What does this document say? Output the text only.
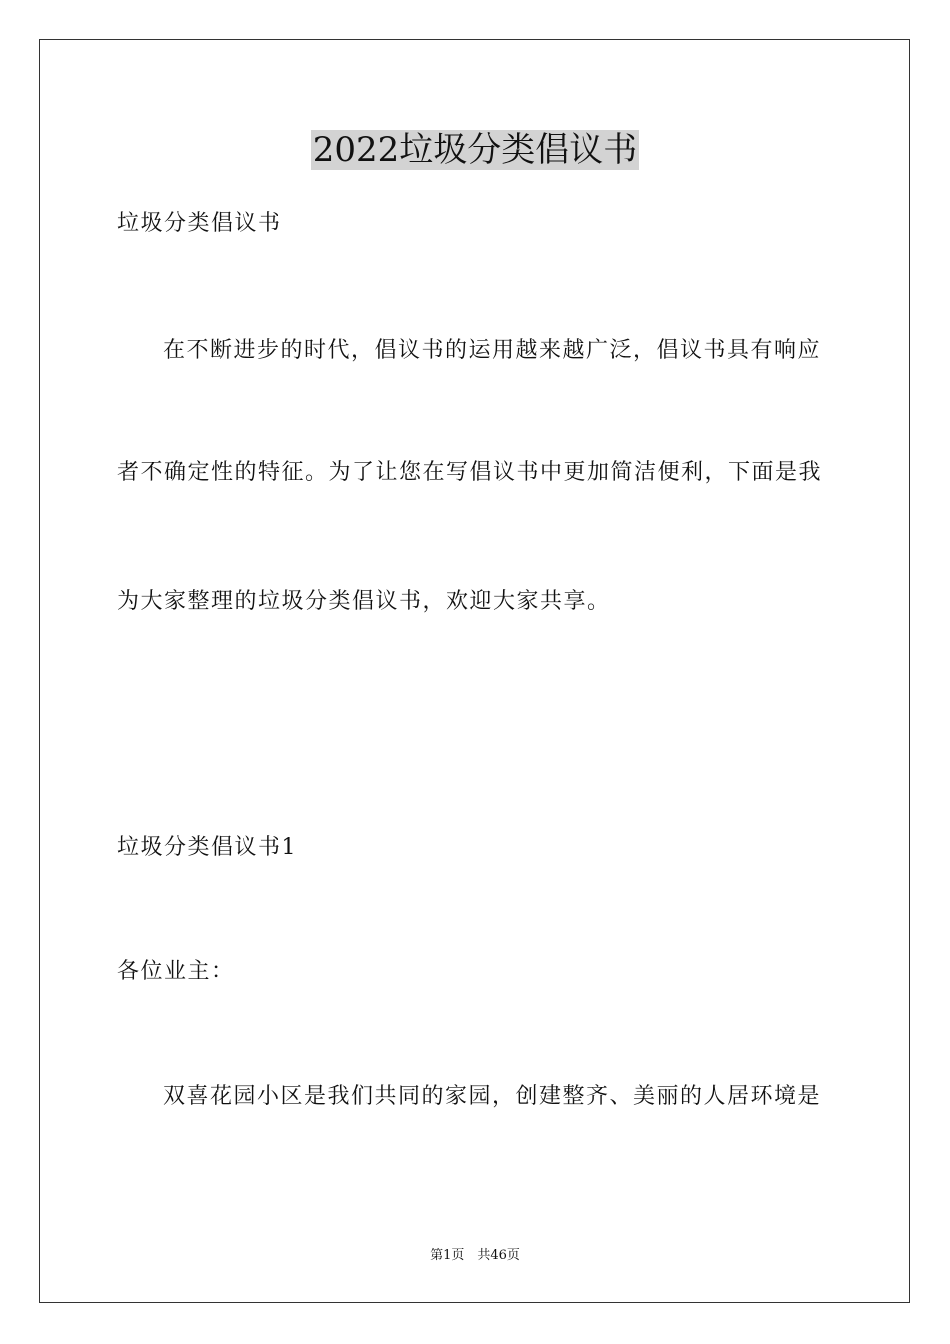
2022垃圾分类倡议书
垃圾分类倡议书
在不断进步的时代，倡议书的运用越来越广泛，倡议书具有响应
者不确定性的特征。为了让您在写倡议书中更加简洁便利，下面是我
为大家整理的垃圾分类倡议书，欢迎大家共享。
垃圾分类倡议书1
各位业主：
双喜花园小区是我们共同的家园，创建整齐、美丽的人居环境是
第1页　共46页
